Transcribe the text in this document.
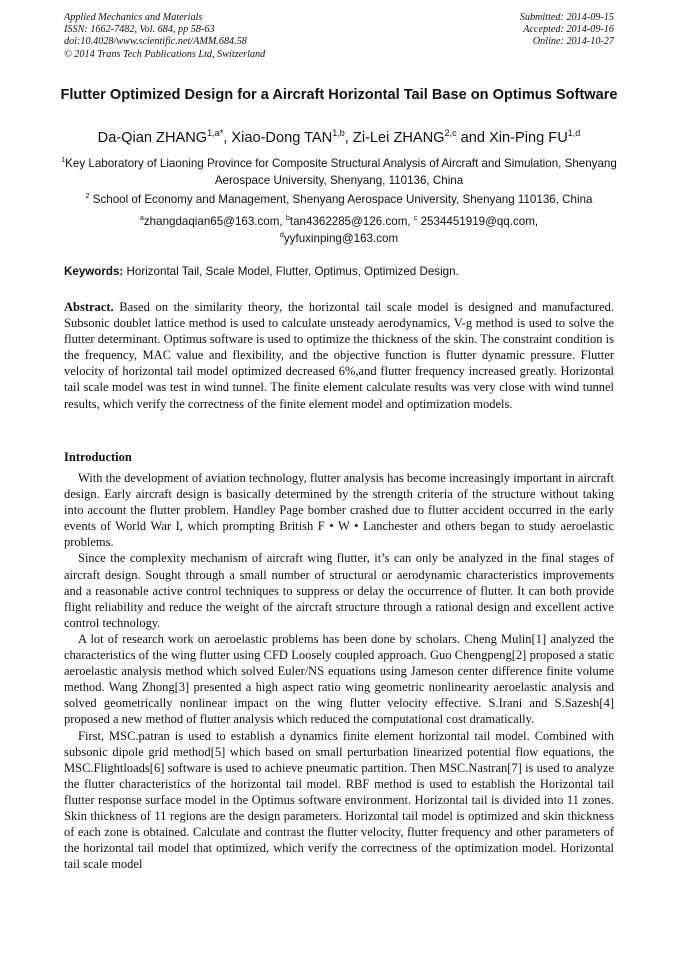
Applied Mechanics and Materials
ISSN: 1662-7482, Vol. 684, pp 58-63
doi:10.4028/www.scientific.net/AMM.684.58
© 2014 Trans Tech Publications Ltd, Switzerland
Submitted: 2014-09-15
Accepted: 2014-09-16
Online: 2014-10-27
Flutter Optimized Design for a Aircraft Horizontal Tail Base on Optimus Software
Da-Qian $ZHANG^{1,a*}$, Xiao-Dong TAN$^{1,b}$, Zi-Lei ZHANG$^{2,c}$ and Xin-Ping FU$^{1,d}$
$^1$Key Laboratory of Liaoning Province for Composite Structural Analysis of Aircraft and Simulation, Shenyang Aerospace University, Shenyang, 110136, China
$^2$ School of Economy and Management, Shenyang Aerospace University, Shenyang 110136, China
$^a$zhangdaqian65@163.com, $^b$tan4362285@126.com, $^c$ 2534451919@qq.com,
$^d$yyfuxinping@163.com
Keywords: Horizontal Tail, Scale Model, Flutter, Optimus, Optimized Design.
Abstract. Based on the similarity theory, the horizontal tail scale model is designed and manufactured. Subsonic doublet lattice method is used to calculate unsteady aerodynamics, V-g method is used to solve the flutter determinant. Optimus software is used to optimize the thickness of the skin. The constraint condition is the frequency, MAC value and flexibility, and the objective function is flutter dynamic pressure. Flutter velocity of horizontal tail model optimized decreased 6%,and flutter frequency increased greatly. Horizontal tail scale model was test in wind tunnel. The finite element calculate results was very close with wind tunnel results, which verify the correctness of the finite element model and optimization models.
Introduction

With the development of aviation technology, flutter analysis has become increasingly important in aircraft design. Early aircraft design is basically determined by the strength criteria of the structure without taking into account the flutter problem. Handley Page bomber crashed due to flutter accident occurred in the early events of World War I, which prompting British F • W • Lanchester and others began to study aeroelastic problems.

Since the complexity mechanism of aircraft wing flutter, it’s can only be analyzed in the final stages of aircraft design. Sought through a small number of structural or aerodynamic characteristics improvements and a reasonable active control techniques to suppress or delay the occurrence of flutter. It can both provide flight reliability and reduce the weight of the aircraft structure through a rational design and excellent active control technology.

A lot of research work on aeroelastic problems has been done by scholars. Cheng Mulin[1] analyzed the characteristics of the wing flutter using CFD Loosely coupled approach. Guo Chengpeng[2] proposed a static aeroelastic analysis method which solved Euler/NS equations using Jameson center difference finite volume method. Wang Zhong[3] presented a high aspect ratio wing geometric nonlinearity aeroelastic analysis and solved geometrically nonlinear impact on the wing flutter velocity effective. S.Irani and S.Sazesh[4] proposed a new method of flutter analysis which reduced the computational cost dramatically.

First, MSC.patran is used to establish a dynamics finite element horizontal tail model. Combined with subsonic dipole grid method[5] which based on small perturbation linearized potential flow equations, the MSC.Flightloads[6] software is used to achieve pneumatic partition. Then MSC.Nastran[7] is used to analyze the flutter characteristics of the horizontal tail model. RBF method is used to establish the Horizontal tail flutter response surface model in the Optimus software environment. Horizontal tail is divided into 11 zones. Skin thickness of 11 regions are the design parameters. Horizontal tail model is optimized and skin thickness of each zone is obtained. Calculate and contrast the flutter velocity, flutter frequency and other parameters of the horizontal tail model that optimized, which verify the correctness of the optimization model. Horizontal tail scale model
